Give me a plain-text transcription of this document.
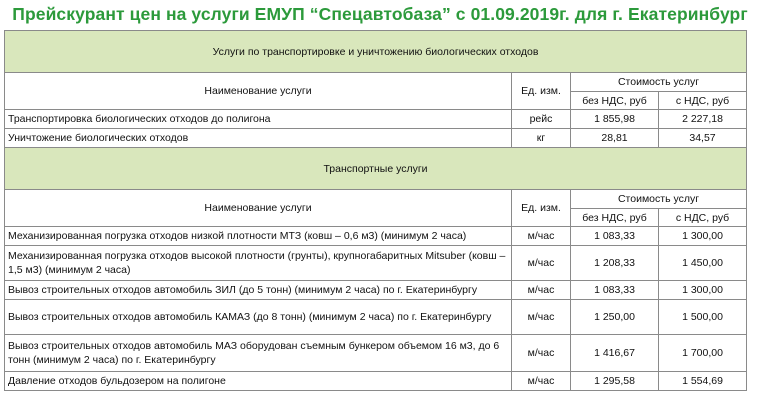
Прейскурант цен на услуги ЕМУП “Спецавтобаза” с 01.09.2019г. для г. Екатеринбург
Услуги по транспортировке и уничтожению биологических отходов			
Наименование услуги	Ед. изм.	Стоимость услуг	
		без НДС, руб	с НДС, руб
Транспортировка биологических отходов до полигона	рейс	1 855,98	2 227,18
Уничтожение биологических отходов	кг	28,81	34,57
Транспортные услуги			
Наименование услуги	Ед. изм.	Стоимость услуг	
		без НДС, руб	с НДС, руб
Механизированная погрузка отходов низкой плотности МТЗ (ковш – 0,6 м3) (минимум 2 часа)	м/час	1 083,33	1 300,00
Механизированная погрузка отходов высокой плотности (грунты), крупногабаритных Mitsuber (ковш – 1,5 м3) (минимум 2 часа)	м/час	1 208,33	1 450,00
Вывоз строительных отходов автомобиль ЗИЛ (до 5 тонн) (минимум 2 часа) по г. Екатеринбургу	м/час	1 083,33	1 300,00
Вывоз строительных отходов автомобиль КАМАЗ (до 8 тонн) (минимум 2 часа) по г. Екатеринбургу	м/час	1 250,00	1 500,00
Вывоз строительных отходов автомобиль МАЗ оборудован съемным бункером объемом 16 м3, до 6 тонн (минимум 2 часа) по г. Екатеринбургу	м/час	1 416,67	1 700,00
Давление отходов бульдозером на полигоне	м/час	1 295,58	1 554,69
